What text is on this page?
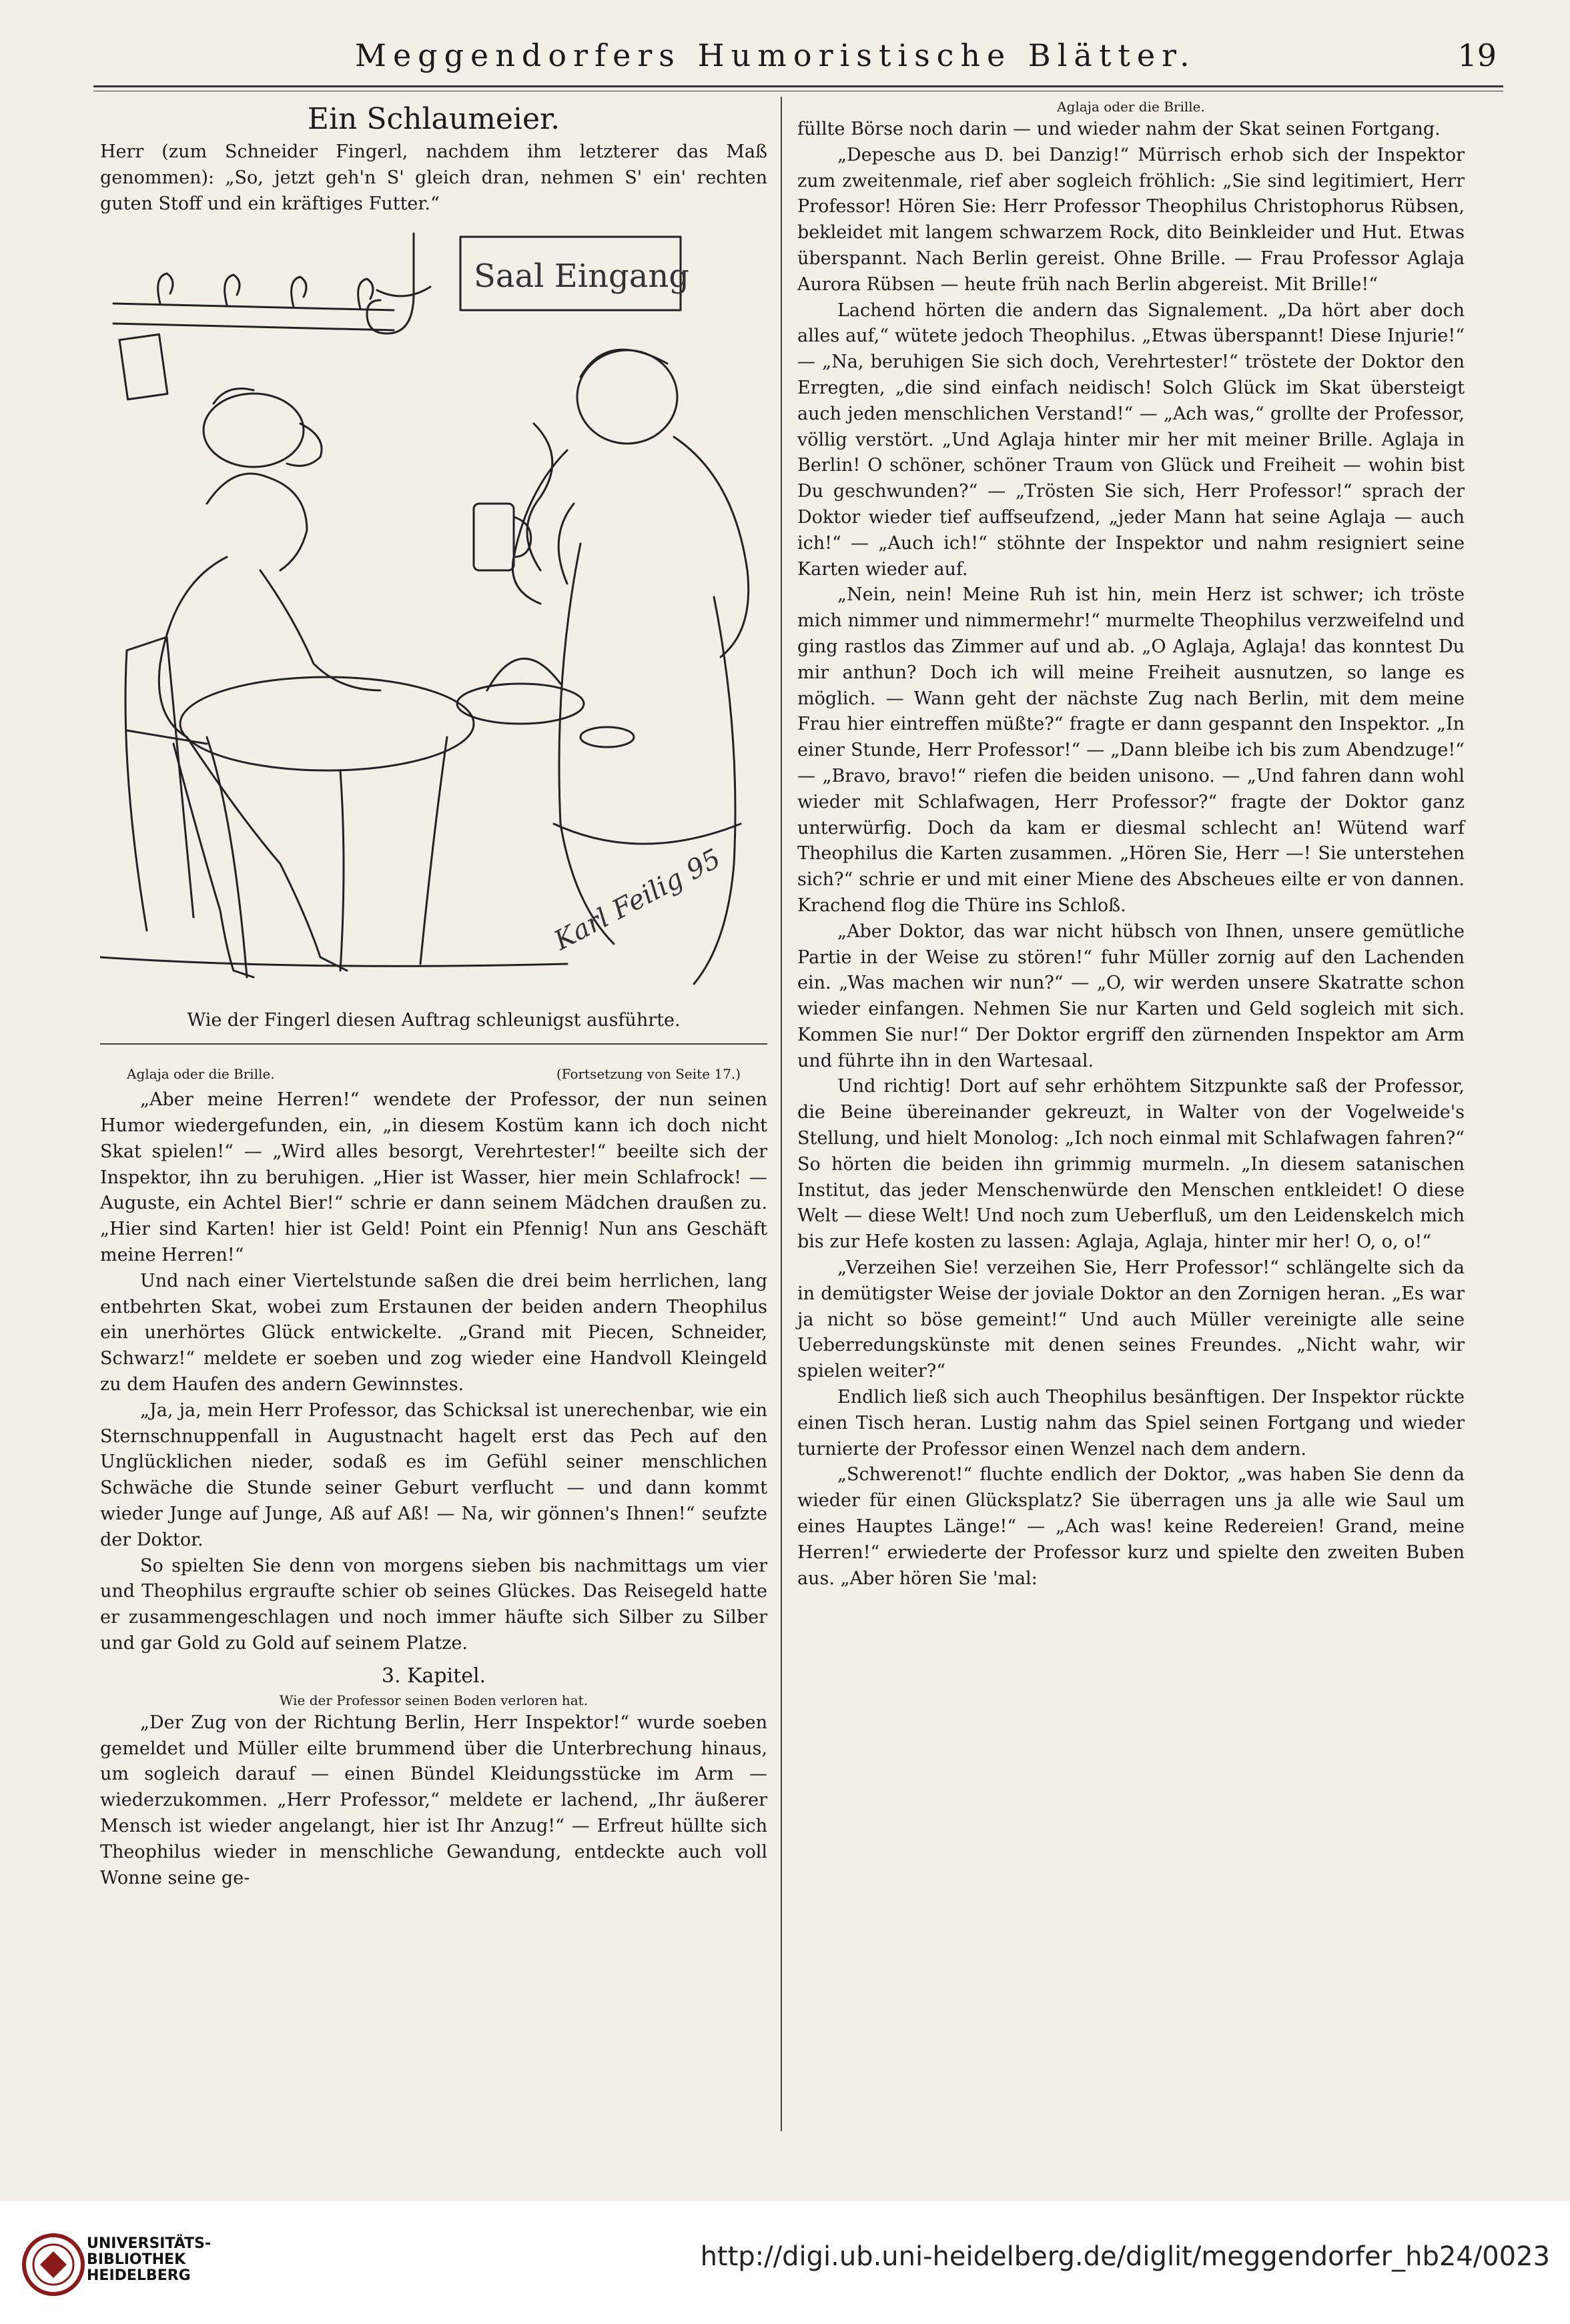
Meggendorfers Humoristische Blätter.	19
Ein Schlaumeier.

Herr (zum Schneider Fingerl, nachdem ihm letzterer das Maß genommen): „So, jetzt geh'n S' gleich dran, nehmen S' ein' rechten guten Stoff und ein kräftiges Futter.“

Saal Eingang
Karl Feilig 95
Wie der Fingerl diesen Auftrag schleunigst ausführte.
Aglaja oder die Brille.	(Fortsetzung von Seite 17.)

„Aber meine Herren!“ wendete der Professor, der nun seinen Humor wiedergefunden, ein, „in diesem Kostüm kann ich doch nicht Skat spielen!“ — „Wird alles besorgt, Verehrtester!“ beeilte sich der Inspektor, ihn zu beruhigen. „Hier ist Wasser, hier mein Schlafrock! — Auguste, ein Achtel Bier!“ schrie er dann seinem Mädchen draußen zu. „Hier sind Karten! hier ist Geld! Point ein Pfennig! Nun ans Geschäft meine Herren!“

Und nach einer Viertelstunde saßen die drei beim herrlichen, lang entbehrten Skat, wobei zum Erstaunen der beiden andern Theophilus ein unerhörtes Glück entwickelte. „Grand mit Piecen, Schneider, Schwarz!“ meldete er soeben und zog wieder eine Handvoll Kleingeld zu dem Haufen des andern Gewinnstes.

„Ja, ja, mein Herr Professor, das Schicksal ist unerechenbar, wie ein Sternschnuppenfall in Augustnacht hagelt erst das Pech auf den Unglücklichen nieder, sodaß es im Gefühl seiner menschlichen Schwäche die Stunde seiner Geburt verflucht — und dann kommt wieder Junge auf Junge, Aß auf Aß! — Na, wir gönnen's Ihnen!“ seufzte der Doktor.

So spielten Sie denn von morgens sieben bis nachmittags um vier und Theophilus ergraufte schier ob seines Glückes. Das Reisegeld hatte er zusammengeschlagen und noch immer häufte sich Silber zu Silber und gar Gold zu Gold auf seinem Platze.

3. Kapitel.
Wie der Professor seinen Boden verloren hat.

„Der Zug von der Richtung Berlin, Herr Inspektor!“ wurde soeben gemeldet und Müller eilte brummend über die Unterbrechung hinaus, um sogleich darauf — einen Bündel Kleidungsstücke im Arm — wiederzukommen. „Herr Professor,“ meldete er lachend, „Ihr äußerer Mensch ist wieder angelangt, hier ist Ihr Anzug!“ — Erfreut hüllte sich Theophilus wieder in menschliche Gewandung, entdeckte auch voll Wonne seine ge-

Aglaja oder die Brille.

füllte Börse noch darin — und wieder nahm der Skat seinen Fortgang.

„Depesche aus D. bei Danzig!“ Mürrisch erhob sich der Inspektor zum zweitenmale, rief aber sogleich fröhlich: „Sie sind legitimiert, Herr Professor! Hören Sie: Herr Professor Theophilus Christophorus Rübsen, bekleidet mit langem schwarzem Rock, dito Beinkleider und Hut. Etwas überspannt. Nach Berlin gereist. Ohne Brille. — Frau Professor Aglaja Aurora Rübsen — heute früh nach Berlin abgereist. Mit Brille!“

Lachend hörten die andern das Signalement. „Da hört aber doch alles auf,“ wütete jedoch Theophilus. „Etwas überspannt! Diese Injurie!“ — „Na, beruhigen Sie sich doch, Verehrtester!“ tröstete der Doktor den Erregten, „die sind einfach neidisch! Solch Glück im Skat übersteigt auch jeden menschlichen Verstand!“ — „Ach was,“ grollte der Professor, völlig verstört. „Und Aglaja hinter mir her mit meiner Brille. Aglaja in Berlin! O schöner, schöner Traum von Glück und Freiheit — wohin bist Du geschwunden?“ — „Trösten Sie sich, Herr Professor!“ sprach der Doktor wieder tief auffseufzend, „jeder Mann hat seine Aglaja — auch ich!“ — „Auch ich!“ stöhnte der Inspektor und nahm resigniert seine Karten wieder auf.

„Nein, nein! Meine Ruh ist hin, mein Herz ist schwer; ich tröste mich nimmer und nimmermehr!“ murmelte Theophilus verzweifelnd und ging rastlos das Zimmer auf und ab. „O Aglaja, Aglaja! das konntest Du mir anthun? Doch ich will meine Freiheit ausnutzen, so lange es möglich. — Wann geht der nächste Zug nach Berlin, mit dem meine Frau hier eintreffen müßte?“ fragte er dann gespannt den Inspektor. „In einer Stunde, Herr Professor!“ — „Dann bleibe ich bis zum Abendzuge!“ — „Bravo, bravo!“ riefen die beiden unisono. — „Und fahren dann wohl wieder mit Schlafwagen, Herr Professor?“ fragte der Doktor ganz unterwürfig. Doch da kam er diesmal schlecht an! Wütend warf Theophilus die Karten zusammen. „Hören Sie, Herr —! Sie unterstehen sich?“ schrie er und mit einer Miene des Abscheues eilte er von dannen. Krachend flog die Thüre ins Schloß.

„Aber Doktor, das war nicht hübsch von Ihnen, unsere gemütliche Partie in der Weise zu stören!“ fuhr Müller zornig auf den Lachenden ein. „Was machen wir nun?“ — „O, wir werden unsere Skatratte schon wieder einfangen. Nehmen Sie nur Karten und Geld sogleich mit sich. Kommen Sie nur!“ Der Doktor ergriff den zürnenden Inspektor am Arm und führte ihn in den Wartesaal.

Und richtig! Dort auf sehr erhöhtem Sitzpunkte saß der Professor, die Beine übereinander gekreuzt, in Walter von der Vogelweide's Stellung, und hielt Monolog: „Ich noch einmal mit Schlafwagen fahren?“ So hörten die beiden ihn grimmig murmeln. „In diesem satanischen Institut, das jeder Menschenwürde den Menschen entkleidet! O diese Welt — diese Welt! Und noch zum Ueberfluß, um den Leidenskelch mich bis zur Hefe kosten zu lassen: Aglaja, Aglaja, hinter mir her! O, o, o!“

„Verzeihen Sie! verzeihen Sie, Herr Professor!“ schlängelte sich da in demütigster Weise der joviale Doktor an den Zornigen heran. „Es war ja nicht so böse gemeint!“ Und auch Müller vereinigte alle seine Ueberredungskünste mit denen seines Freundes. „Nicht wahr, wir spielen weiter?“

Endlich ließ sich auch Theophilus besänftigen. Der Inspektor rückte einen Tisch heran. Lustig nahm das Spiel seinen Fortgang und wieder turnierte der Professor einen Wenzel nach dem andern.

„Schwerenot!“ fluchte endlich der Doktor, „was haben Sie denn da wieder für einen Glücksplatz? Sie überragen uns ja alle wie Saul um eines Hauptes Länge!“ — „Ach was! keine Redereien! Grand, meine Herren!“ erwiederte der Professor kurz und spielte den zweiten Buben aus. „Aber hören Sie 'mal:

UNIVERSITÄTS-
BIBLIOTHEK
HEIDELBERG
http://digi.ub.uni-heidelberg.de/diglit/meggendorfer_hb24/0023
